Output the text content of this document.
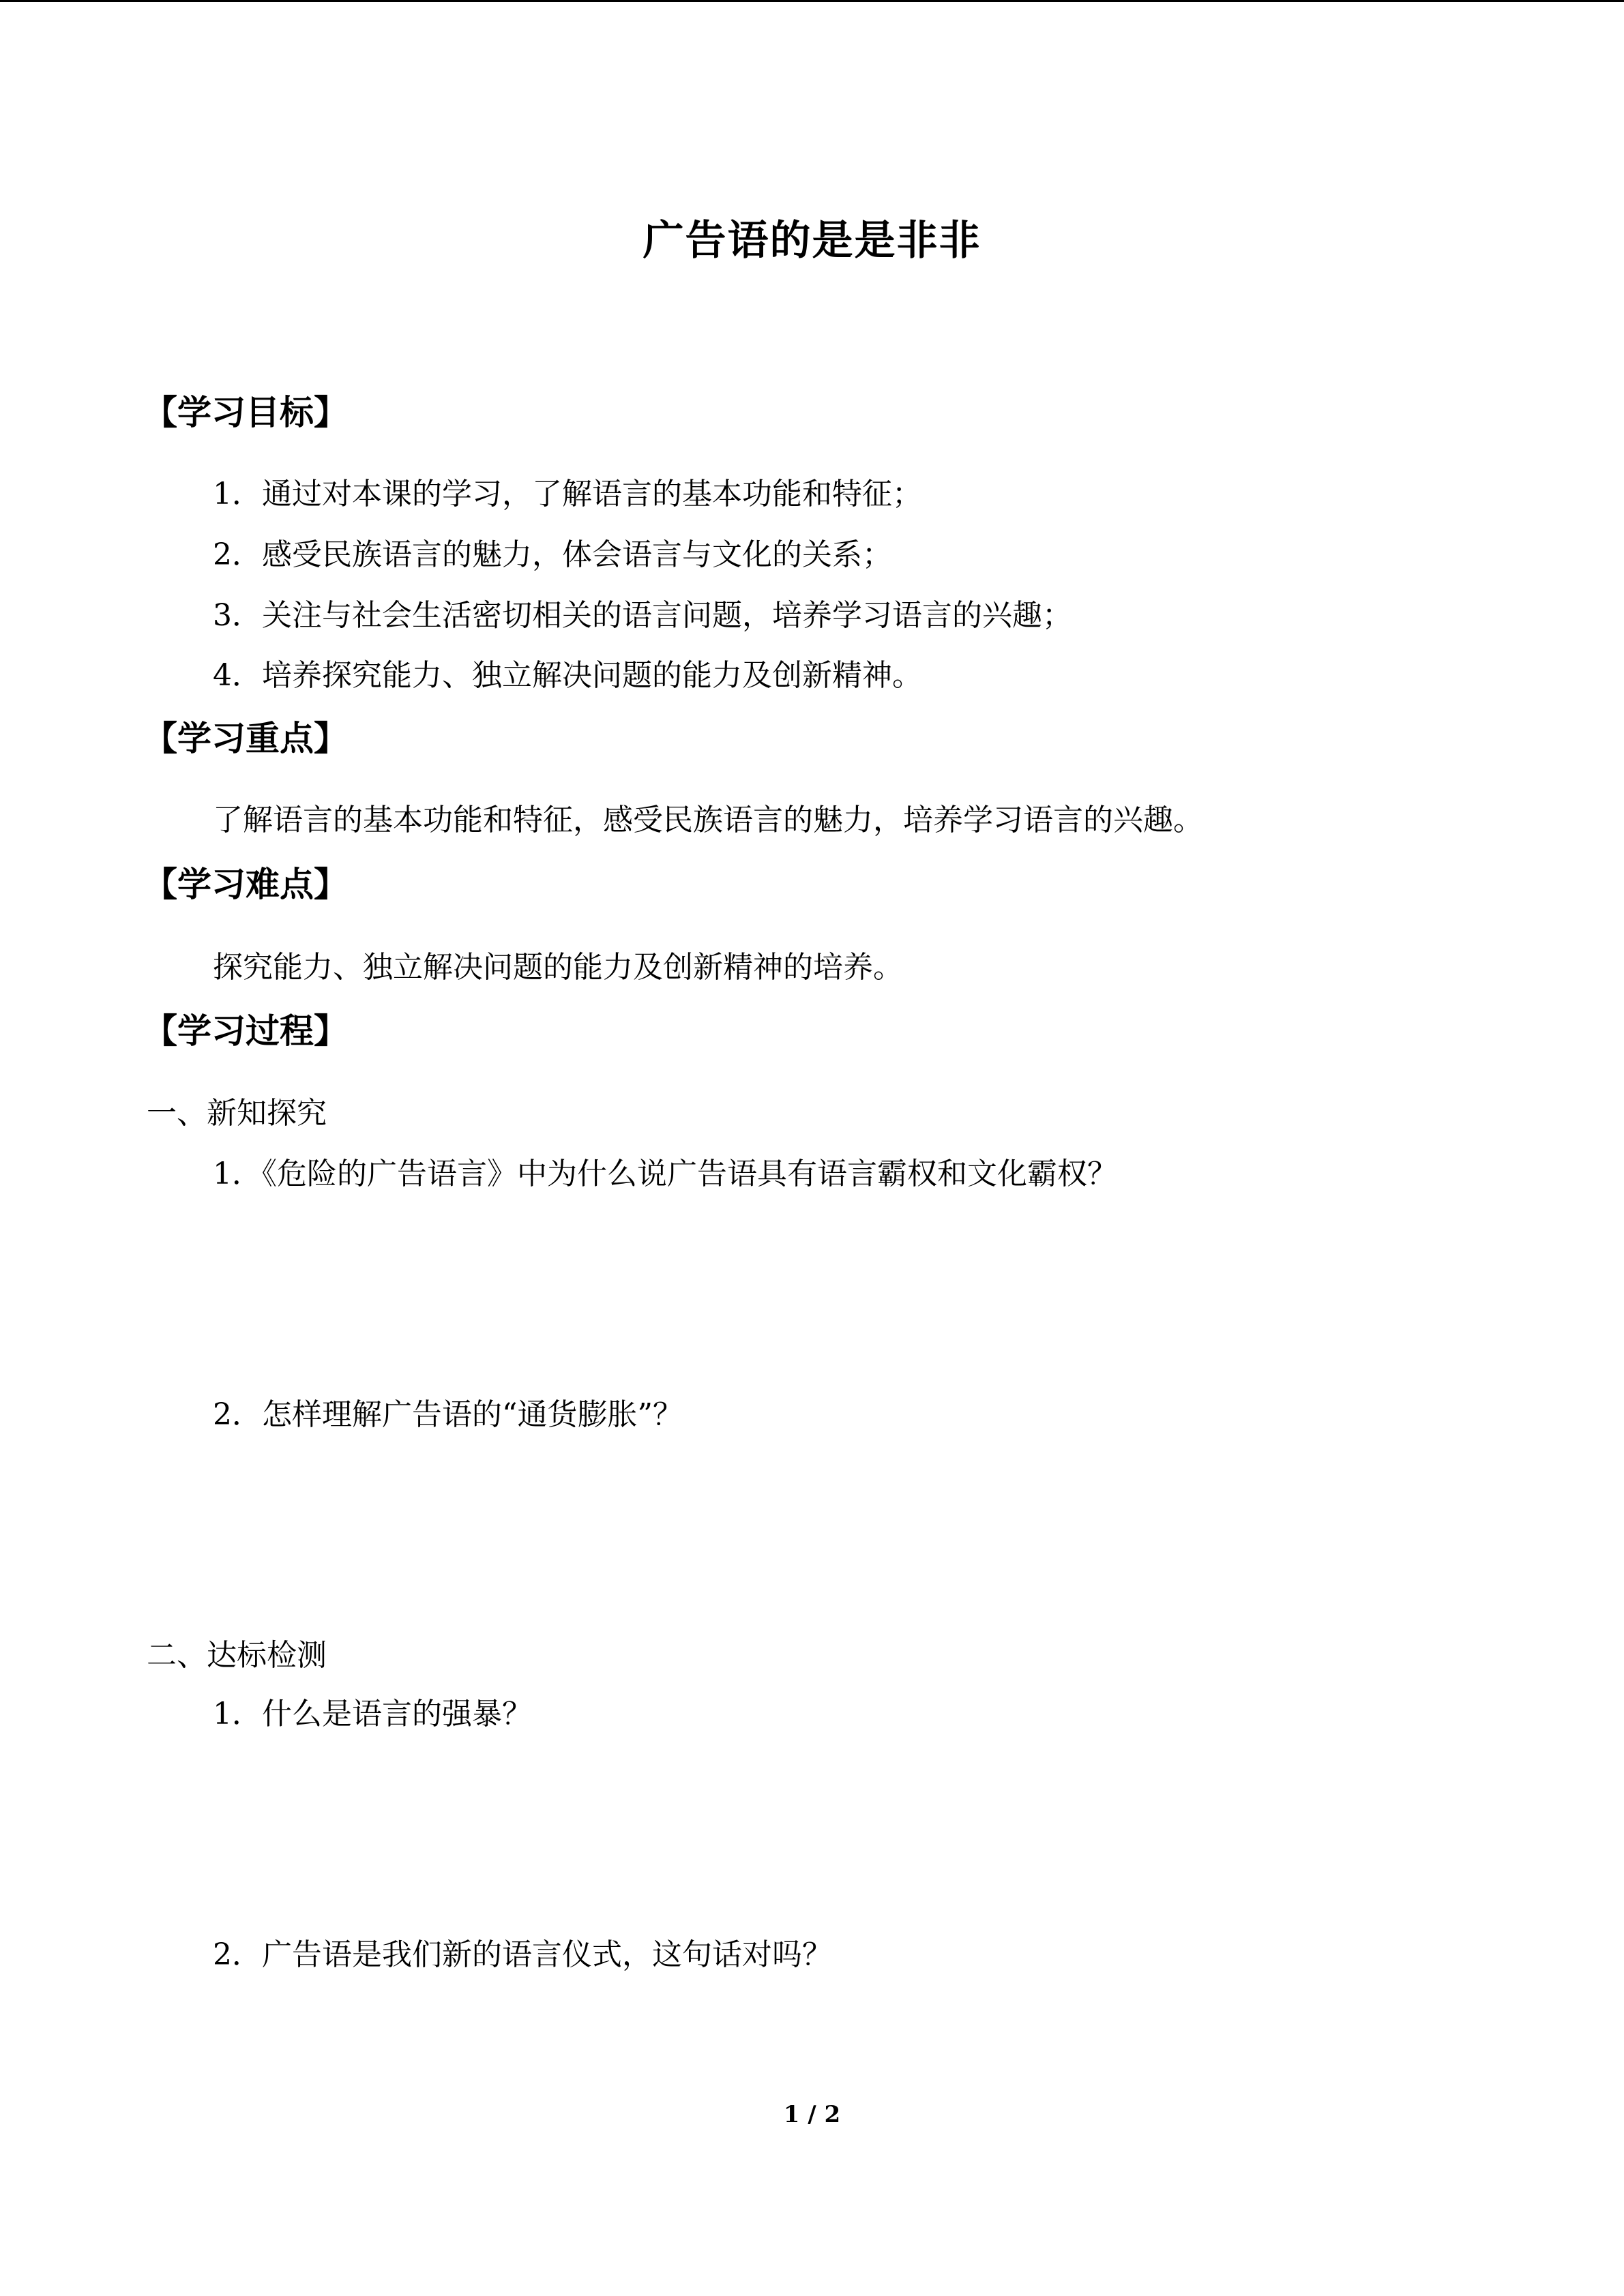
广告语的是是非非
【学习目标】
1．通过对本课的学习，了解语言的基本功能和特征；
2．感受民族语言的魅力，体会语言与文化的关系；
3．关注与社会生活密切相关的语言问题，培养学习语言的兴趣；
4．培养探究能力、独立解决问题的能力及创新精神。
【学习重点】
了解语言的基本功能和特征，感受民族语言的魅力，培养学习语言的兴趣。
【学习难点】
探究能力、独立解决问题的能力及创新精神的培养。
【学习过程】
一、新知探究
1．《危险的广告语言》中为什么说广告语具有语言霸权和文化霸权？
2．怎样理解广告语的“通货膨胀”？
二、达标检测
1．什么是语言的强暴？
2．广告语是我们新的语言仪式，这句话对吗？
1 / 2
